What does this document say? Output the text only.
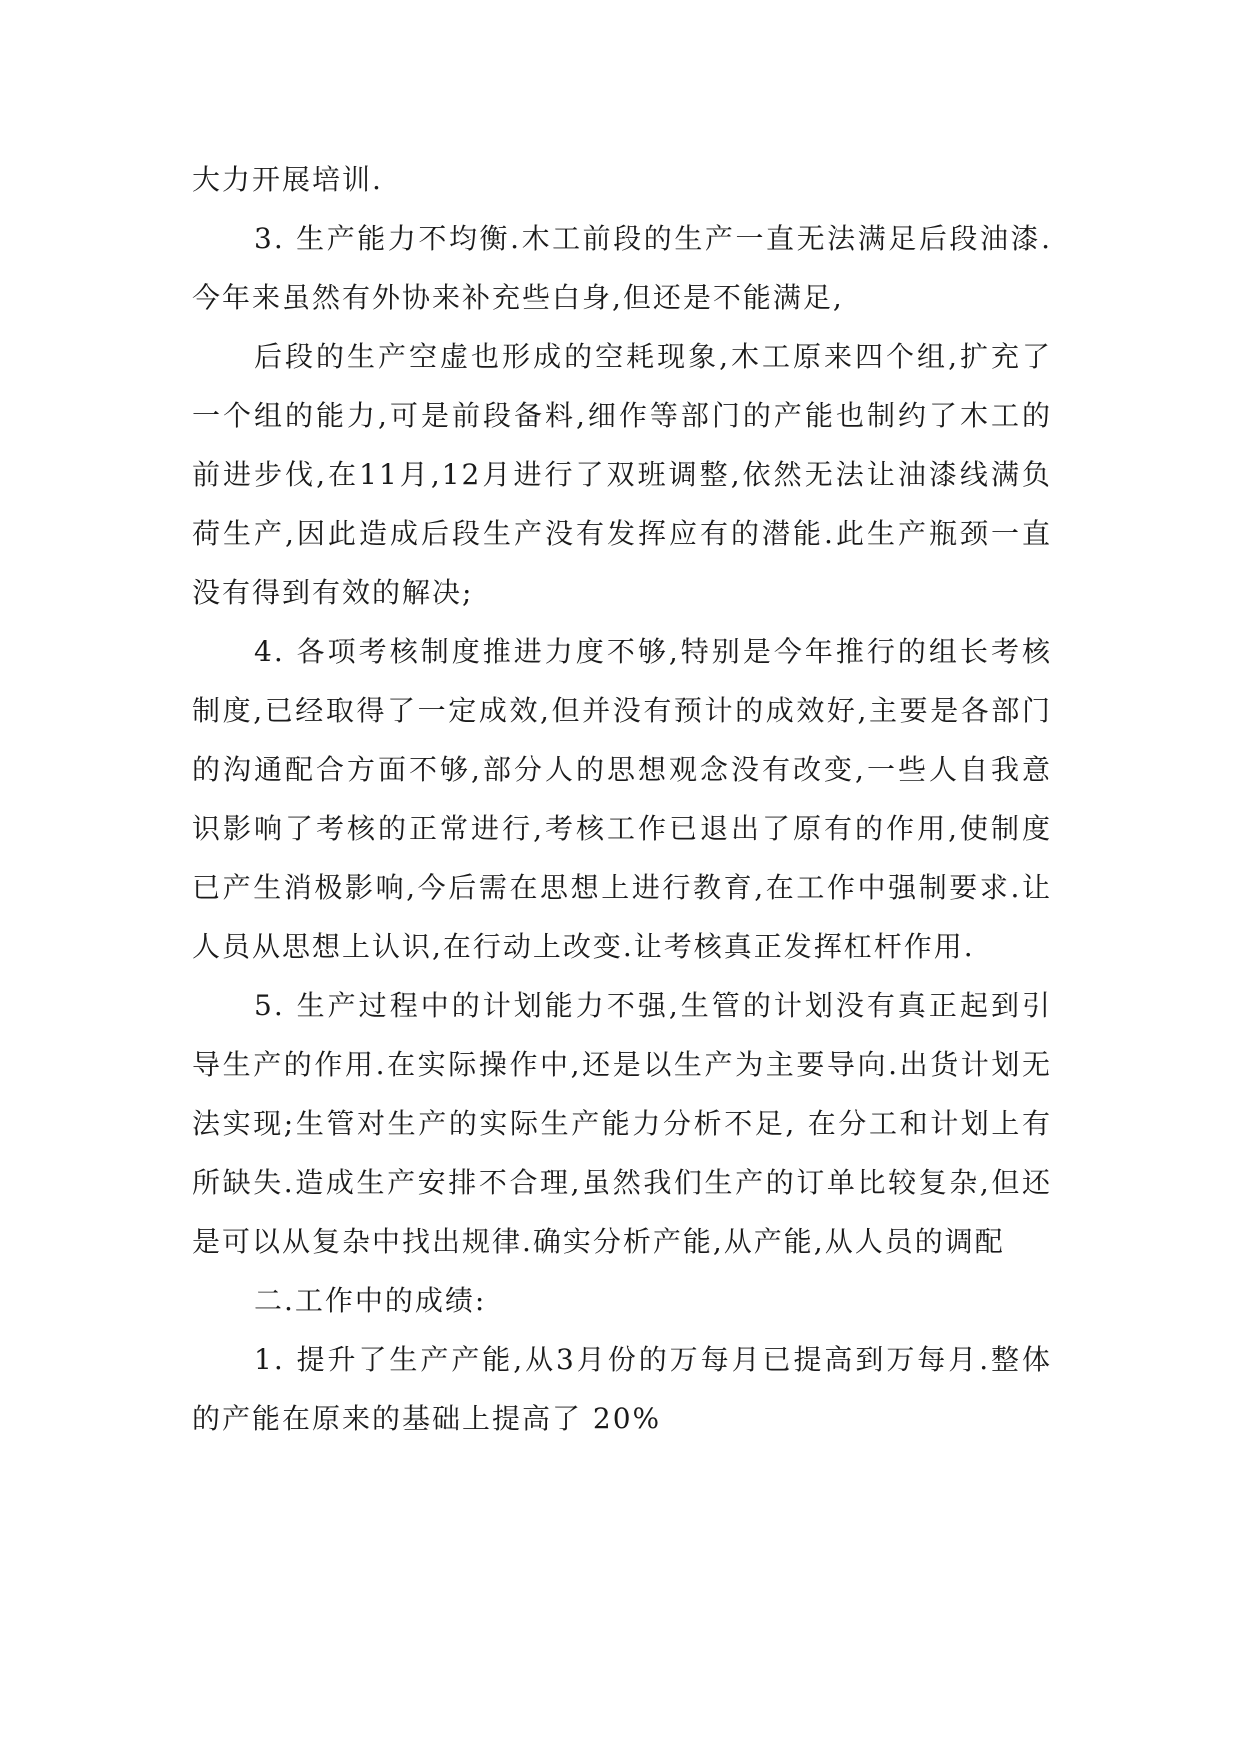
大力开展培训.

3. 生产能力不均衡.木工前段的生产一直无法满足后段油漆.今年来虽然有外协来补充些白身,但还是不能满足,

后段的生产空虚也形成的空耗现象,木工原来四个组,扩充了一个组的能力,可是前段备料,细作等部门的产能也制约了木工的前进步伐,在11月,12月进行了双班调整,依然无法让油漆线满负荷生产,因此造成后段生产没有发挥应有的潜能.此生产瓶颈一直没有得到有效的解决;

4. 各项考核制度推进力度不够,特别是今年推行的组长考核制度,已经取得了一定成效,但并没有预计的成效好,主要是各部门的沟通配合方面不够,部分人的思想观念没有改变,一些人自我意识影响了考核的正常进行,考核工作已退出了原有的作用,使制度已产生消极影响,今后需在思想上进行教育,在工作中强制要求.让人员从思想上认识,在行动上改变.让考核真正发挥杠杆作用.

5. 生产过程中的计划能力不强,生管的计划没有真正起到引导生产的作用.在实际操作中,还是以生产为主要导向.出货计划无法实现;生管对生产的实际生产能力分析不足, 在分工和计划上有所缺失.造成生产安排不合理,虽然我们生产的订单比较复杂,但还是可以从复杂中找出规律.确实分析产能,从产能,从人员的调配

二.工作中的成绩:

1. 提升了生产产能,从3月份的万每月已提高到万每月.整体的产能在原来的基础上提高了 20%
